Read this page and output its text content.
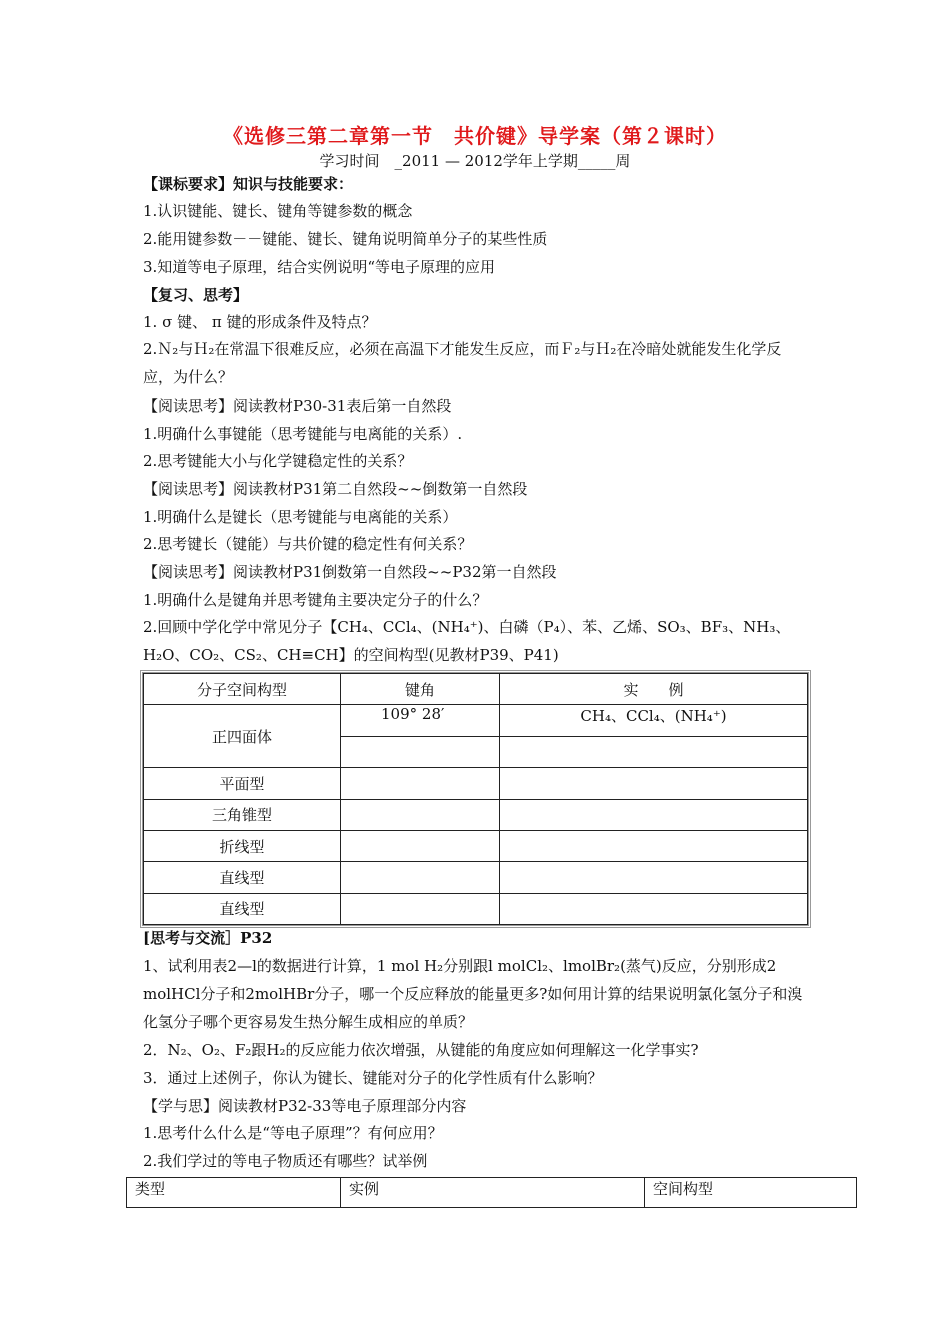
《选修三第二章第一节　共价键》导学案（第２课时）
学习时间　_2011 — 2012学年上学期_____周
【课标要求】知识与技能要求：
1.认识键能、键长、键角等键参数的概念
2.能用键参数－－键能、键长、键角说明简单分子的某些性质
3.知道等电子原理，结合实例说明“等电子原理的应用
【复习、思考】
1. σ 键、 π 键的形成条件及特点？
2.Ｎ₂与Ｈ₂在常温下很难反应，必须在高温下才能发生反应，而Ｆ₂与Ｈ₂在冷暗处就能发生化学反应，为什么？
【阅读思考】阅读教材P30-31表后第一自然段
1.明确什么事键能（思考键能与电离能的关系）.
2.思考键能大小与化学键稳定性的关系？
【阅读思考】阅读教材P31第二自然段~~倒数第一自然段
1.明确什么是键长（思考键能与电离能的关系）
2.思考键长（键能）与共价键的稳定性有何关系？
【阅读思考】阅读教材P31倒数第一自然段~~P32第一自然段
1.明确什么是键角并思考键角主要决定分子的什么？
2.回顾中学化学中常见分子【CH₄、CCl₄、(NH₄⁺)、白磷（P₄）、苯、乙烯、SO₃、BF₃、NH₃、H₂O、CO₂、CS₂、CH≡CH】的空间构型(见教材P39、P41)
分子空间构型	键角	实　　例
正四面体	109° 28′	CH₄、CCl₄、(NH₄⁺)

平面型		
三角锥型		
折线型		
直线型		
直线型		
[思考与交流］P32
1、试利用表2—l的数据进行计算，1 mol H₂分别跟l molCl₂、lmolBr₂(蒸气)反应，分别形成2 molHCl分子和2molHBr分子，哪一个反应释放的能量更多?如何用计算的结果说明氯化氢分子和溴化氢分子哪个更容易发生热分解生成相应的单质？
2．N₂、O₂、F₂跟H₂的反应能力依次增强，从键能的角度应如何理解这一化学事实?
3．通过上述例子，你认为键长、键能对分子的化学性质有什么影响？
【学与思】阅读教材P32-33等电子原理部分内容
1.思考什么什么是“等电子原理”？有何应用？
2.我们学过的等电子物质还有哪些？试举例
类型	实例	空间构型
